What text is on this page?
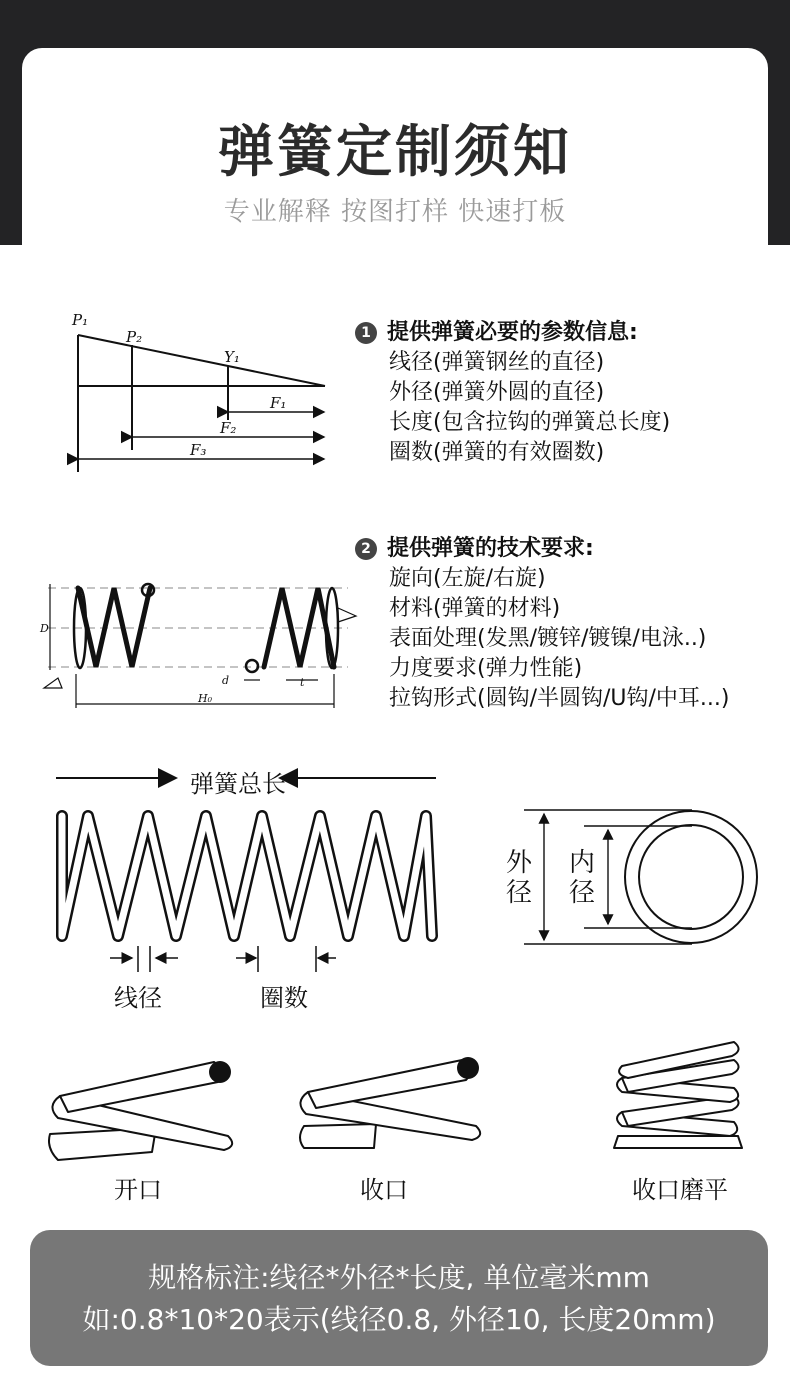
弹簧定制须知
专业解释 按图打样 快速打板
P₁
P₂
Y₁
F₁
F₂
F₃
1 提供弹簧必要的参数信息:
线径(弹簧钢丝的直径)
外径(弹簧外圆的直径)
长度(包含拉钩的弹簧总长度)
圈数(弹簧的有效圈数)
D
d	t
H₀
2 提供弹簧的技术要求:
旋向(左旋/右旋)
材料(弹簧的材料)
表面处理(发黑/镀锌/镀镍/电泳..)
力度要求(弹力性能)
拉钩形式(圆钩/半圆钩/U钩/中耳...)
弹簧总长
线径	圈数
外径
内径
开口	收口	收口磨平
规格标注:线径*外径*长度, 单位毫米mm
如:0.8*10*20表示(线径0.8, 外径10, 长度20mm)
